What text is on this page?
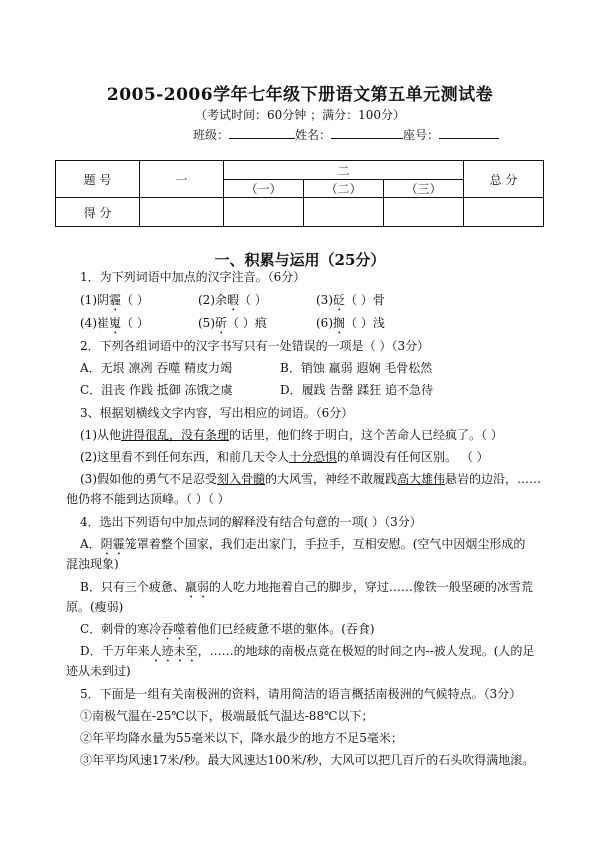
2005-2006学年七年级下册语文第五单元测试卷
（考试时间：60分钟 ；满分：100分）
班级：	姓名：	座号：
题 号	一	二			总 分
		（一）	（二）	（三）	
得 分					
一、积累与运用（25分）
1．为下列词语中加点的汉字注音。（6分）
(1)阴霾（ ）	(2)余暇（ ）	(3)砭（ ）骨
(4)崔嵬（ ）	(5)斫（ ）痕	(6)搁（ ）浅
2．下列各组词语中的汉字书写只有一处错误的一项是（ ）（3分）
A．无垠 凛冽 吞噬 精皮力竭	B．销蚀 羸弱 遐娴 毛骨松然
C．沮丧 作践 抵御 冻饿之虞	D．履践 告罄 蹂狂 追不急待
3、根据划横线文字内容，写出相应的词语。（6分）
(1)从他讲得很乱，没有条理的话里，他们终于明白，这个苦命人已经疯了。（ ）
(2)这里看不到任何东西，和前几天令人十分恐惧的单调没有任何区别。 （ ）
(3)假如他的勇气不足忍受刻入骨髓的大风雪，神经不敢履践高大雄伟悬岩的边沿，……
他仍将不能到达顶峰。（ ）（ ）
4．选出下列语句中加点词的解释没有结合句意的一项( ）（3分）
A．阴霾笼罩着整个国家，我们走出家门，手拉手，互相安慰。(空气中因烟尘形成的
混浊现象)
B．只有三个疲惫、羸弱的人吃力地拖着自己的脚步，穿过……像铁一般坚硬的冰雪荒
原。(瘦弱)
C．刺骨的寒冷吞噬着他们已经疲惫不堪的躯体。(吞食)
D．千万年来人迹未至，……的地球的南极点竟在极短的时间之内--被人发现。(人的足
迹从未到过)
5．下面是一组有关南极洲的资料，请用简洁的语言概括南极洲的气候特点。（3分）
①南极气温在-25℃以下，极端最低气温达-88℃以下；
②年平均降水量为55毫米以下，降水最少的地方不足5毫米；
③年平均风速17米/秒。最大风速达100米/秒，大风可以把几百斤的石头吹得满地滚。
